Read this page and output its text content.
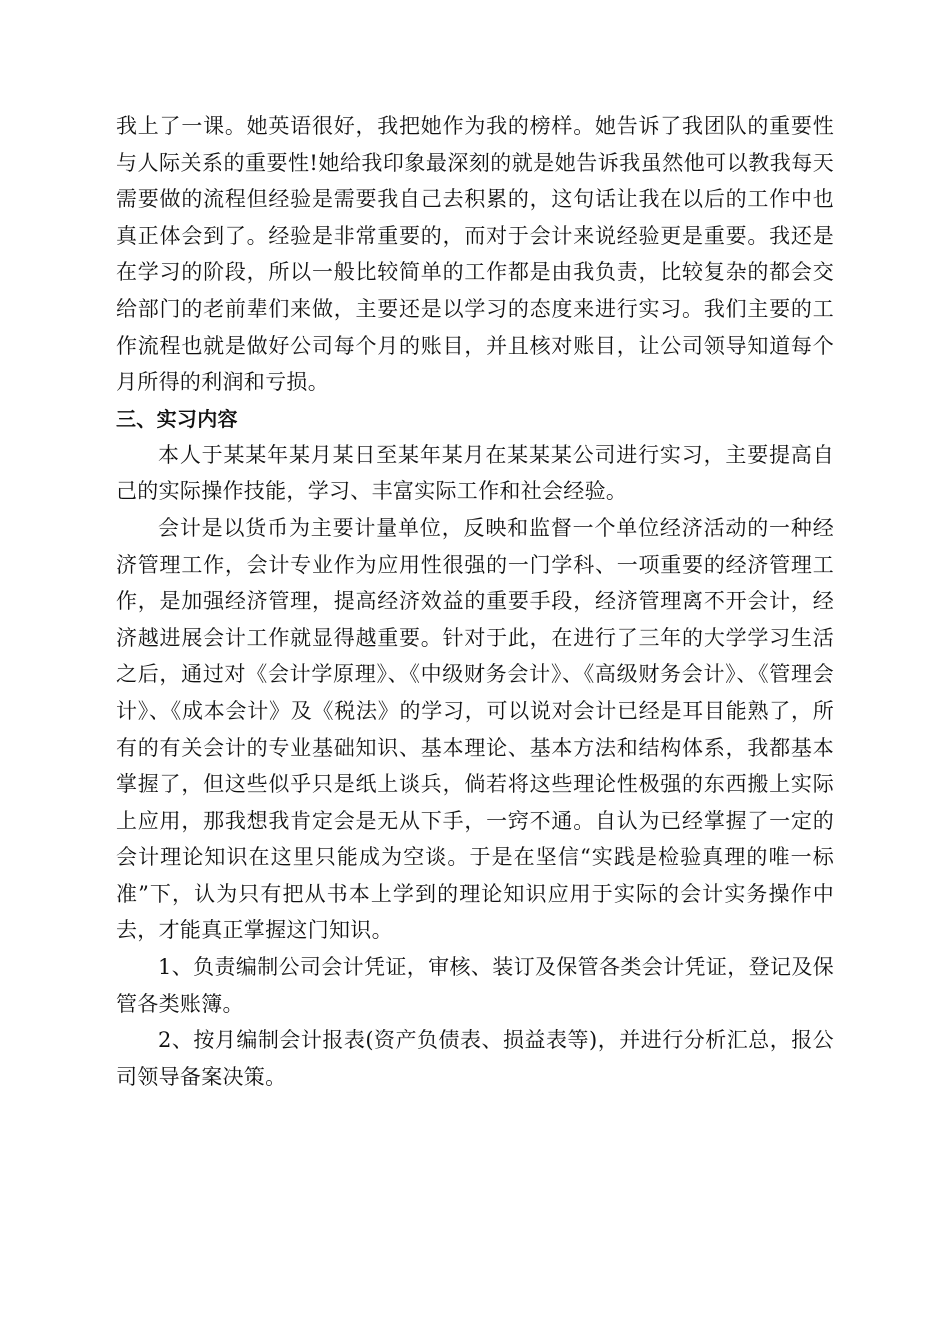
我上了一课。她英语很好，我把她作为我的榜样。她告诉了我团队的重要性与人际关系的重要性!她给我印象最深刻的就是她告诉我虽然他可以教我每天需要做的流程但经验是需要我自己去积累的，这句话让我在以后的工作中也真正体会到了。经验是非常重要的，而对于会计来说经验更是重要。我还是在学习的阶段，所以一般比较简单的工作都是由我负责，比较复杂的都会交给部门的老前辈们来做，主要还是以学习的态度来进行实习。我们主要的工作流程也就是做好公司每个月的账目，并且核对账目，让公司领导知道每个月所得的利润和亏损。

三、实习内容

本人于某某年某月某日至某年某月在某某某公司进行实习，主要提高自己的实际操作技能，学习、丰富实际工作和社会经验。

会计是以货币为主要计量单位，反映和监督一个单位经济活动的一种经济管理工作，会计专业作为应用性很强的一门学科、一项重要的经济管理工作，是加强经济管理，提高经济效益的重要手段，经济管理离不开会计，经济越进展会计工作就显得越重要。针对于此，在进行了三年的大学学习生活之后，通过对《会计学原理》、《中级财务会计》、《高级财务会计》、《管理会计》、《成本会计》及《税法》的学习，可以说对会计已经是耳目能熟了，所有的有关会计的专业基础知识、基本理论、基本方法和结构体系，我都基本掌握了，但这些似乎只是纸上谈兵，倘若将这些理论性极强的东西搬上实际上应用，那我想我肯定会是无从下手，一窍不通。自认为已经掌握了一定的会计理论知识在这里只能成为空谈。于是在坚信“实践是检验真理的唯一标准”下，认为只有把从书本上学到的理论知识应用于实际的会计实务操作中去，才能真正掌握这门知识。

1、负责编制公司会计凭证，审核、装订及保管各类会计凭证，登记及保管各类账簿。

2、按月编制会计报表(资产负债表、损益表等)，并进行分析汇总，报公司领导备案决策。
